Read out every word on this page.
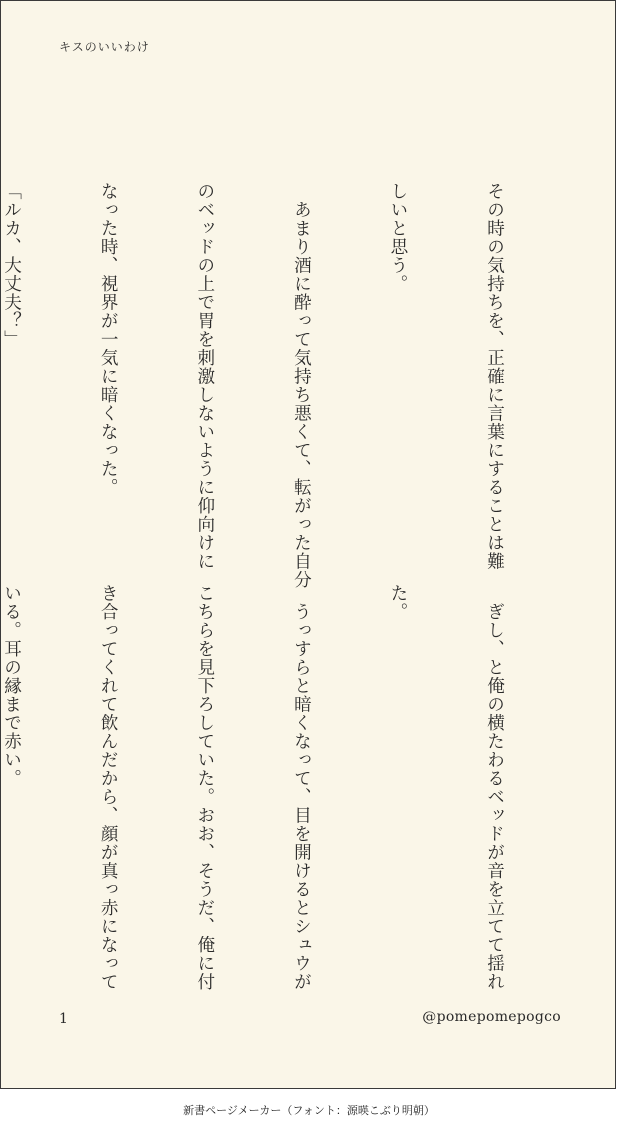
キスのいいわけ

その時の気持ちを、正確に言葉にすることは難

しいと思う。

　あまり酒に酔って気持ち悪くて、転がった自分

のベッドの上で胃を刺激しないように仰向けに

なった時、視界が一気に暗くなった。

「ルカ、大丈夫？」

　ぎし、と俺の横たわるベッドが音を立てて揺れ

た。

　うっすらと暗くなって、目を開けるとシュウが

こちらを見下ろしていた。おお、そうだ、俺に付

き合ってくれて飲んだから、顔が真っ赤になって

いる。耳の縁まで赤い。

1	@pomepomepogco
新書ページメーカー（フォント：源暎こぶり明朝）
